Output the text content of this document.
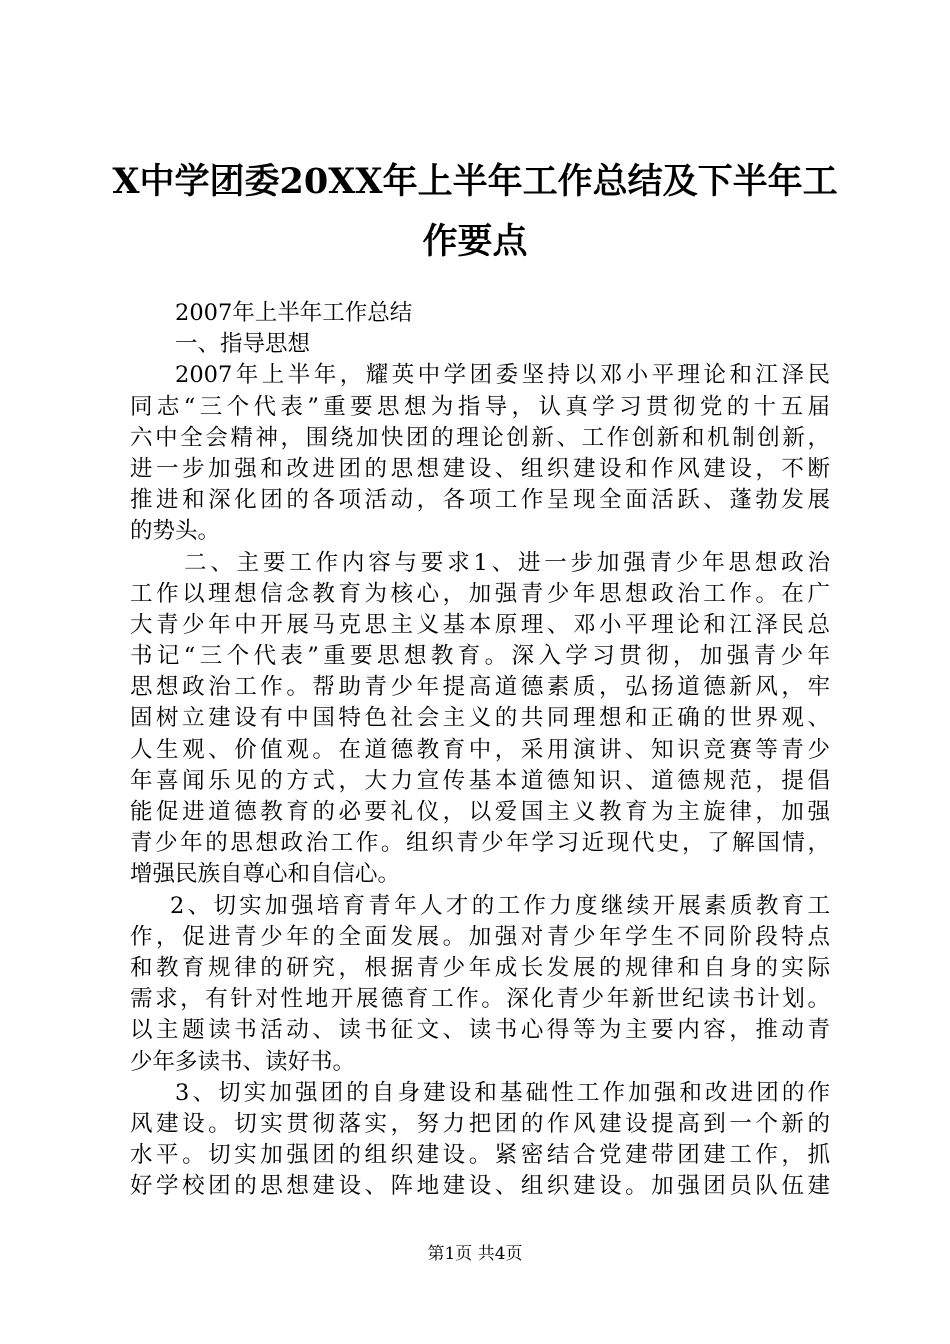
X中学团委20XX年上半年工作总结及下半年工
作要点
2007年上半年工作总结
一、指导思想
2007年上半年，耀英中学团委坚持以邓小平理论和江泽民
同志“三个代表”重要思想为指导，认真学习贯彻党的十五届
六中全会精神，围绕加快团的理论创新、工作创新和机制创新，
进一步加强和改进团的思想建设、组织建设和作风建设，不断
推进和深化团的各项活动，各项工作呈现全面活跃、蓬勃发展
的势头。
二、主要工作内容与要求1、进一步加强青少年思想政治
工作以理想信念教育为核心，加强青少年思想政治工作。在广
大青少年中开展马克思主义基本原理、邓小平理论和江泽民总
书记“三个代表”重要思想教育。深入学习贯彻，加强青少年
思想政治工作。帮助青少年提高道德素质，弘扬道德新风，牢
固树立建设有中国特色社会主义的共同理想和正确的世界观、
人生观、价值观。在道德教育中，采用演讲、知识竞赛等青少
年喜闻乐见的方式，大力宣传基本道德知识、道德规范，提倡
能促进道德教育的必要礼仪，以爱国主义教育为主旋律，加强
青少年的思想政治工作。组织青少年学习近现代史，了解国情，
增强民族自尊心和自信心。
2、切实加强培育青年人才的工作力度继续开展素质教育工
作，促进青少年的全面发展。加强对青少年学生不同阶段特点
和教育规律的研究，根据青少年成长发展的规律和自身的实际
需求，有针对性地开展德育工作。深化青少年新世纪读书计划。
以主题读书活动、读书征文、读书心得等为主要内容，推动青
少年多读书、读好书。
3、切实加强团的自身建设和基础性工作加强和改进团的作
风建设。切实贯彻落实，努力把团的作风建设提高到一个新的
水平。切实加强团的组织建设。紧密结合党建带团建工作，抓
好学校团的思想建设、阵地建设、组织建设。加强团员队伍建
第1页 共4页
